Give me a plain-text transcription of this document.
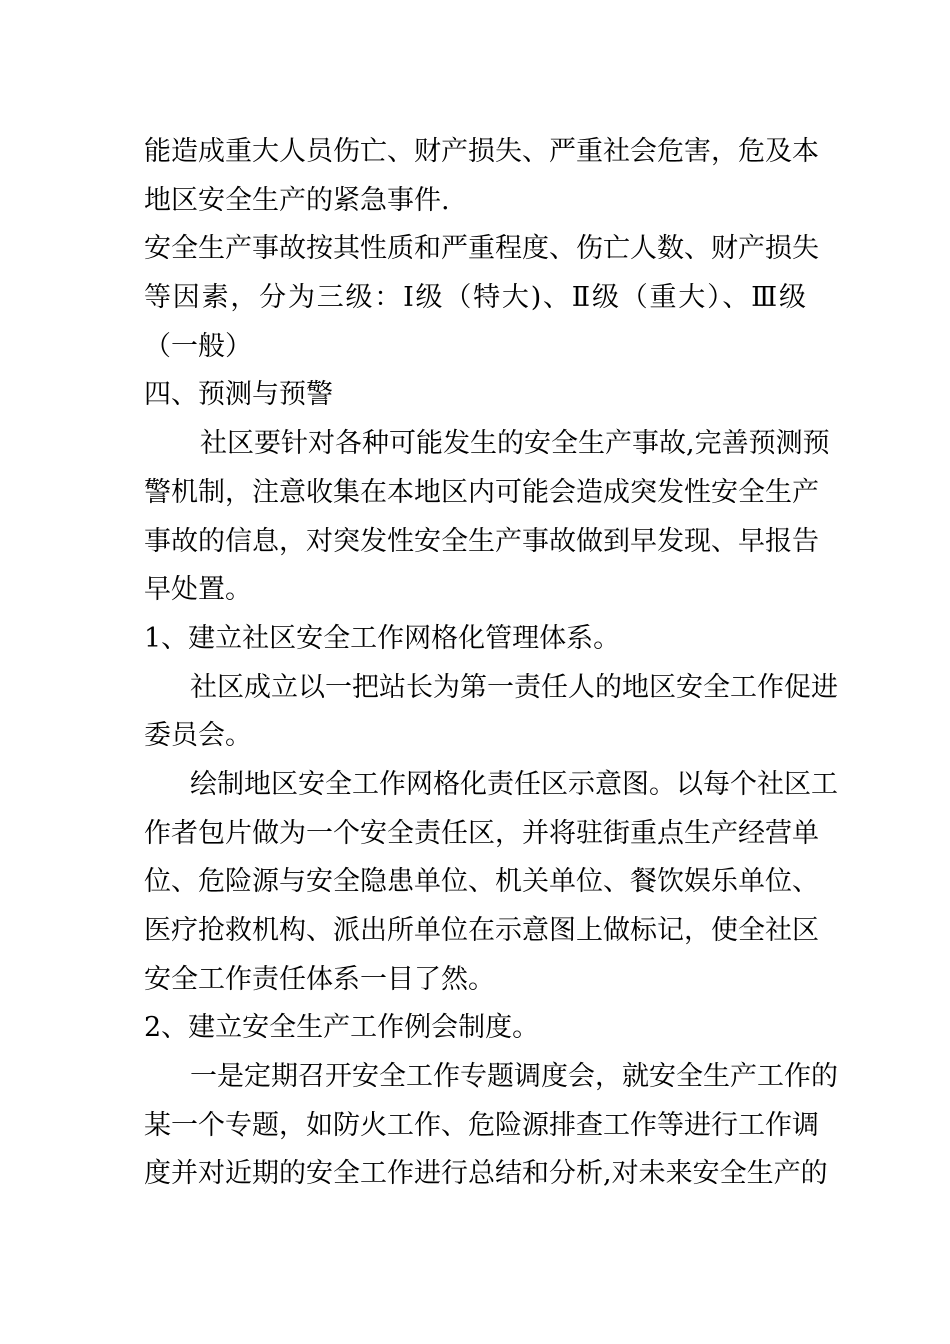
能造成重大人员伤亡、财产损失、严重社会危害，危及本
地区安全生产的紧急事件.
安全生产事故按其性质和严重程度、伤亡人数、财产损失
等因素，分为三级：Ⅰ级（特大)、Ⅱ级（重大）、Ⅲ级
（一般）
四、预测与预警
社区要针对各种可能发生的安全生产事故,完善预测预
警机制，注意收集在本地区内可能会造成突发性安全生产
事故的信息，对突发性安全生产事故做到早发现、早报告
早处置。
1、建立社区安全工作网格化管理体系。
社区成立以一把站长为第一责任人的地区安全工作促进
委员会。
绘制地区安全工作网格化责任区示意图。以每个社区工
作者包片做为一个安全责任区，并将驻街重点生产经营单
位、危险源与安全隐患单位、机关单位、餐饮娱乐单位、
医疗抢救机构、派出所单位在示意图上做标记，使全社区
安全工作责任体系一目了然。
2、建立安全生产工作例会制度。
一是定期召开安全工作专题调度会，就安全生产工作的
某一个专题，如防火工作、危险源排查工作等进行工作调
度并对近期的安全工作进行总结和分析,对未来安全生产的
